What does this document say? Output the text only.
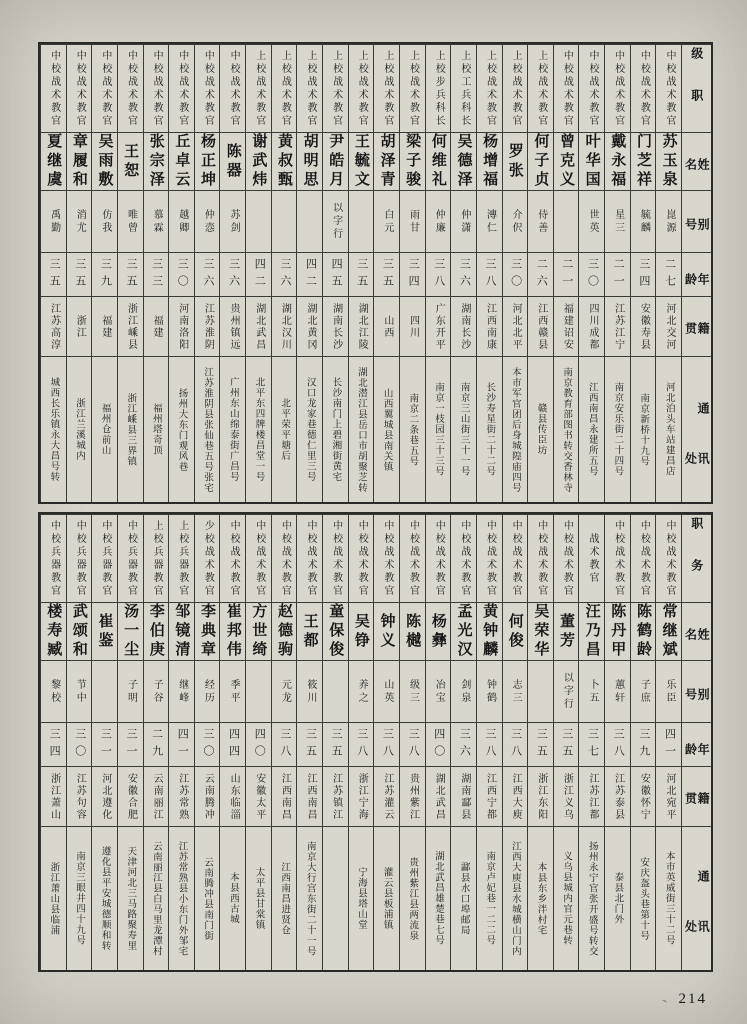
级职
姓名
别号
年龄
籍贯
通讯处
中校战术教官
苏玉泉
崑源
二七
河北交河
河北泊头车站建昌店
中校战术教官
门芝祥
毓麟
三四
安徽寿县
南京新桥十九号
中校战术教官
戴永福
星三
二一
江苏江宁
南京安乐街二十四号
中校战术教官
叶华国
世英
三〇
四川成都
江西南昌永建所五号
中校战术教官
曾克义
二一
福建诏安
南京教育部图书转交香林寺
上校战术教官
何子贞
侍善
二六
江西赣县
赣县传臣坊
上校战术教官
罗张
介伬
三〇
河北北平
本市军官团后身城隍庙四号
上校战术教官
杨增福
漙仁
三八
江西南康
长沙寿星街二十二号
上校工兵科长
吴德泽
仲潇
三六
湖南长沙
南京三山街三十一号
上校步兵科长
何维礼
仲廉
三八
广东开平
南京一枝园三十三号
上校战术教官
梁子骏
雨甘
三四
四川
南京二条巷五号
上校战术教官
胡泽青
白元
三五
山西
山西翼城县南关镇
上校战术教官
王毓文
三五
湖北江陵
湖北潜江县岳口市胡聚芝转
上校战术教官
尹皓月
以字行
四五
湖南长沙
长沙南门上碧湘街黄宅
上校战术教官
胡明思
四二
湖北黄冈
汉口龙家巷德仁里三号
上校战术教官
黄叔甄
三六
湖北汉川
北平荣平塘后
上校战术教官
谢武炜
四二
湖北武昌
北平东四牌楼昌堂一号
中校战术教官
陈器
苏剑
三六
贵州镇远
广州东山绵泰街广昌号
中校战术教官
杨正坤
仲悫
三六
江苏淮阴
江苏淮阴县张仙巷五号张宅
中校战术教官
丘卓云
越卿
三〇
河南洛阳
扬州大东门观风巷
中校战术教官
张宗泽
慕霖
三三
福建
福州塔奇顶
中校战术教官
王恕
唯曾
三五
浙江嵊县
浙江嵊县三界镇
中校战术教官
吴雨敷
仿我
三九
福建
福州仓前山
中校战术教官
章履和
消尤
三五
浙江
浙江兰溪城内
中校战术教官
夏继虞
禹勤
三五
江苏高淳
城西长乐镇永大昌号转
职务
姓名
别号
年龄
籍贯
通讯处
中校战术教官
常继斌
乐臣
四一
河北宛平
本市英威街三十二号
中校战术教官
陈鹤龄
子庶
三九
安徽怀宁
安庆盔头巷第十号
中校战术教官
陈丹甲
蕙轩
三八
江苏泰县
泰县北门外
战术教官
汪乃昌
卜五
三七
江苏江都
扬州永宁官张开盛号转交
中校战术教官
董芳
以字行
三五
浙江义乌
义乌县城内官元巷转
中校战术教官
吴荣华
三五
浙江东阳
本县东乡泮村宅
中校战术教官
何俊
志三
三八
江西大庾
江西大庾县水城横山门内
中校战术教官
黄钟麟
钟鹤
三八
江西宁都
南京卢妃巷一二二号
中校战术教官
孟光汉
剑泉
三六
湖南酃县
酃县水口埠邮局
中校战术教官
杨彝
冶宝
四〇
湖北武昌
湖北武昌雄楚巷七号
中校战术教官
陈樾
级三
三八
贵州紫江
贵州紫江县两流泉
中校战术教官
钟义
山英
三八
江苏灌云
灌云县板浦镇
中校战术教官
吴铮
养之
三八
浙江宁海
宁海县塔山堂
中校战术教官
童保俊
三五
江苏镇江
中校战术教官
王都
筱川
三五
江西南昌
南京大行宫东街二十一号
中校战术教官
赵德驹
元龙
三八
江西南昌
江西南昌进贤仓
中校战术教官
方世绮
四〇
安徽太平
太平县甘棠镇
中校战术教官
崔邦伟
季平
四四
山东临淄
本县西古城
少校战术教官
李典章
经历
三〇
云南腾冲
云南腾冲县南门街
上校兵器教官
邹镜清
继峰
四一
江苏常熟
江苏常熟县小东门外邹宅
上校兵器教官
李伯庚
子谷
二九
云南丽江
云南丽江县白马里龙潭村
中校兵器教官
汤一尘
子明
三一
安徽合肥
天津河北三马路聚寿里
中校兵器教官
崔鉴
三一
河北遵化
遵化县平安城德顺和转
中校兵器教官
武颂和
节中
三〇
江苏句容
南京三眼井四十九号
中校兵器教官
楼寿臧
黎校
三四
浙江萧山
浙江萧山县临浦
丶 214
